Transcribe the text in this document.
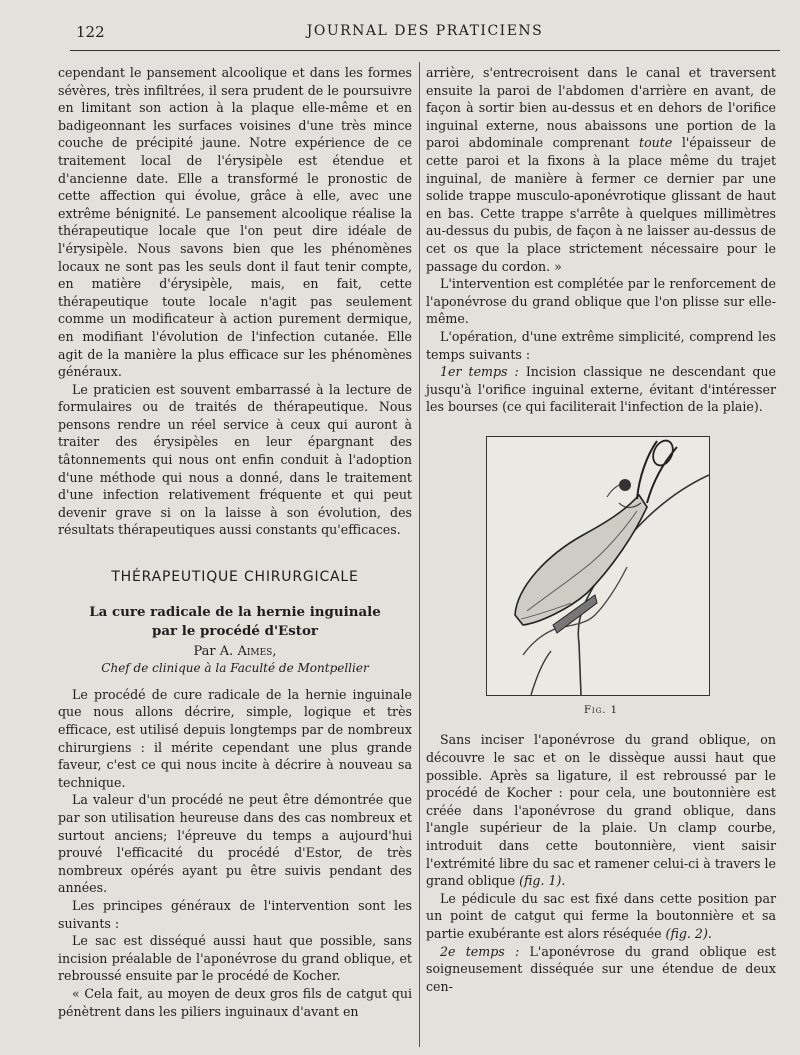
122	JOURNAL DES PRATICIENS

cependant le pansement alcoolique et dans les formes sévères, très infiltrées, il sera prudent de le poursuivre en limitant son action à la plaque elle-même et en badigeonnant les surfaces voisines d'une très mince couche de précipité jaune. Notre expérience de ce traitement local de l'érysipèle est étendue et d'ancienne date. Elle a transformé le pronostic de cette affection qui évolue, grâce à elle, avec une extrême bénignité. Le pansement alcoolique réalise la thérapeutique locale que l'on peut dire idéale de l'érysipèle. Nous savons bien que les phénomènes locaux ne sont pas les seuls dont il faut tenir compte, en matière d'érysipèle, mais, en fait, cette thérapeutique toute locale n'agit pas seulement comme un modificateur à action purement dermique, en modifiant l'évolution de l'infection cutanée. Elle agit de la manière la plus efficace sur les phénomènes généraux.

Le praticien est souvent embarrassé à la lecture de formulaires ou de traités de thérapeutique. Nous pensons rendre un réel service à ceux qui auront à traiter des érysipèles en leur épargnant des tâtonnements qui nous ont enfin conduit à l'adoption d'une méthode qui nous a donné, dans le traitement d'une infection relativement fréquente et qui peut devenir grave si on la laisse à son évolution, des résultats thérapeutiques aussi constants qu'efficaces.

THÉRAPEUTIQUE CHIRURGICALE
La cure radicale de la hernie inguinale
par le procédé d'Estor
Par A. Aimes,
Chef de clinique à la Faculté de Montpellier

Le procédé de cure radicale de la hernie inguinale que nous allons décrire, simple, logique et très efficace, est utilisé depuis longtemps par de nombreux chirurgiens : il mérite cependant une plus grande faveur, c'est ce qui nous incite à décrire à nouveau sa technique.

La valeur d'un procédé ne peut être démontrée que par son utilisation heureuse dans des cas nombreux et surtout anciens; l'épreuve du temps a aujourd'hui prouvé l'efficacité du procédé d'Estor, de très nombreux opérés ayant pu être suivis pendant des années.

Les principes généraux de l'intervention sont les suivants :

Le sac est disséqué aussi haut que possible, sans incision préalable de l'aponévrose du grand oblique, et rebroussé ensuite par le procédé de Kocher.

« Cela fait, au moyen de deux gros fils de catgut qui pénètrent dans les piliers inguinaux d'avant en

arrière, s'entrecroisent dans le canal et traversent ensuite la paroi de l'abdomen d'arrière en avant, de façon à sortir bien au-dessus et en dehors de l'orifice inguinal externe, nous abaissons une portion de la paroi abdominale comprenant toute l'épaisseur de cette paroi et la fixons à la place même du trajet inguinal, de manière à fermer ce dernier par une solide trappe musculo-aponévrotique glissant de haut en bas. Cette trappe s'arrête à quelques millimètres au-dessus du pubis, de façon à ne laisser au-dessus de cet os que la place strictement nécessaire pour le passage du cordon. »

L'intervention est complétée par le renforcement de l'aponévrose du grand oblique que l'on plisse sur elle-même.

L'opération, d'une extrême simplicité, comprend les temps suivants :

1er temps : Incision classique ne descendant que jusqu'à l'orifice inguinal externe, évitant d'intéresser les bourses (ce qui faciliterait l'infection de la plaie).

Fig. 1

Sans inciser l'aponévrose du grand oblique, on découvre le sac et on le dissèque aussi haut que possible. Après sa ligature, il est rebroussé par le procédé de Kocher : pour cela, une boutonnière est créée dans l'aponévrose du grand oblique, dans l'angle supérieur de la plaie. Un clamp courbe, introduit dans cette boutonnière, vient saisir l'extrémité libre du sac et ramener celui-ci à travers le grand oblique (fig. 1).

Le pédicule du sac est fixé dans cette position par un point de catgut qui ferme la boutonnière et sa partie exubérante est alors réséquée (fig. 2).

2e temps : L'aponévrose du grand oblique est soigneusement disséquée sur une étendue de deux cen-
